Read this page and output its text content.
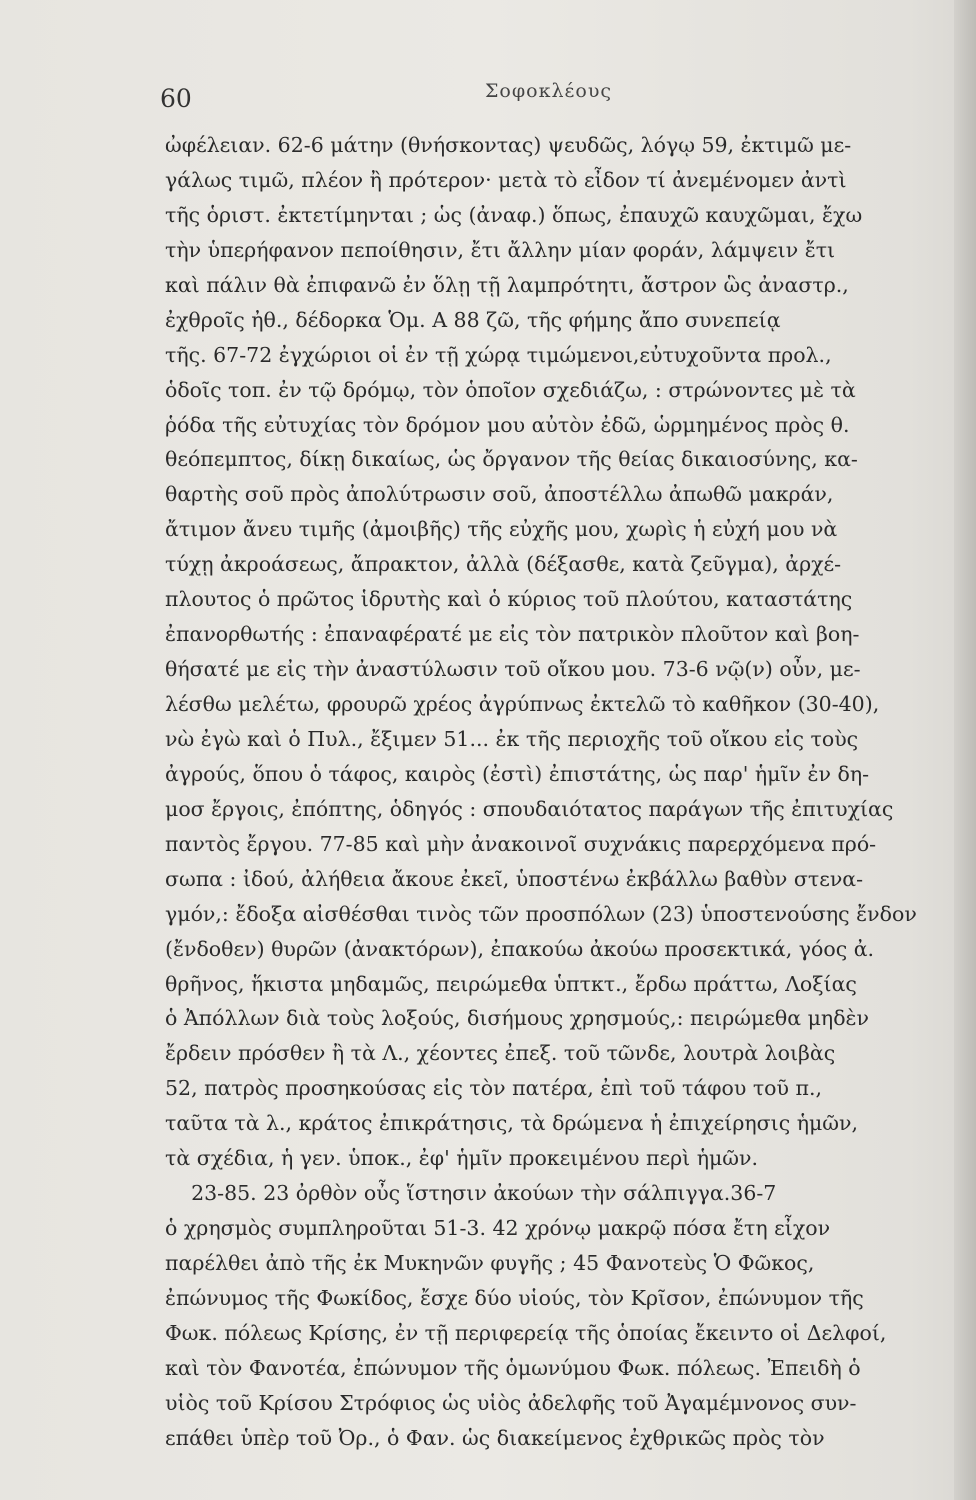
60	Σοφοκλέους
ὠφέλειαν. 62-6 μάτην (θνήσκοντας) ψευδῶς, λόγῳ 59, ἐκτιμῶ με-
γάλως τιμῶ, πλέον ἢ πρότερον· μετὰ τὸ εἶδον τί ἀνεμένομεν ἀντὶ
τῆς ὁριστ. ἐκτετίμηνται ; ὡς (ἀναφ.) ὅπως, ἐπαυχῶ καυχῶμαι, ἔχω
τὴν ὑπερήφανον πεποίθησιν, ἔτι ἄλλην μίαν φοράν, λάμψειν ἔτι
καὶ πάλιν θὰ ἐπιφανῶ ἐν ὅλῃ τῇ λαμπρότητι, ἄστρον ὣς ἀναστρ.,
ἐχθροῖς ἠθ., δέδορκα Ὁμ. Α 88 ζῶ, τῆς φήμης ἄπο συνεπείᾳ
τῆς. 67-72 ἐγχώριοι οἱ ἐν τῇ χώρᾳ τιμώμενοι,εὐτυχοῦντα προλ.,
ὁδοῖς τοπ. ἐν τῷ δρόμῳ, τὸν ὁποῖον σχεδιάζω, : στρώνοντες μὲ τὰ
ῥόδα τῆς εὐτυχίας τὸν δρόμον μου αὐτὸν ἐδῶ, ὡρμημένος πρὸς θ.
θεόπεμπτος, δίκῃ δικαίως, ὡς ὄργανον τῆς θείας δικαιοσύνης, κα-
θαρτὴς σοῦ πρὸς ἀπολύτρωσιν σοῦ, ἀποστέλλω ἀπωθῶ μακράν,
ἄτιμον ἄνευ τιμῆς (ἀμοιβῆς) τῆς εὐχῆς μου, χωρὶς ἡ εὐχή μου νὰ
τύχῃ ἀκροάσεως, ἄπρακτον, ἀλλὰ (δέξασθε, κατὰ ζεῦγμα), ἀρχέ-
πλουτος ὁ πρῶτος ἱδρυτὴς καὶ ὁ κύριος τοῦ πλούτου, καταστάτης
ἐπανορθωτής : ἐπαναφέρατέ με εἰς τὸν πατρικὸν πλοῦτον καὶ βοη-
θήσατέ με εἰς τὴν ἀναστύλωσιν τοῦ οἴκου μου. 73-6 νῷ(ν) οὖν, με-
λέσθω μελέτω, φρουρῶ χρέος ἀγρύπνως ἐκτελῶ τὸ καθῆκον (30-40),
νὼ ἐγὼ καὶ ὁ Πυλ., ἔξιμεν 51... ἐκ τῆς περιοχῆς τοῦ οἴκου εἰς τοὺς
ἀγρούς, ὅπου ὁ τάφος, καιρὸς (ἐστὶ) ἐπιστάτης, ὡς παρ' ἡμῖν ἐν δη-
μοσ ἔργοις, ἐπόπτης, ὁδηγός : σπουδαιότατος παράγων τῆς ἐπιτυχίας
παντὸς ἔργου. 77-85 καὶ μὴν ἀνακοινοῖ συχνάκις παρερχόμενα πρό-
σωπα : ἰδού, ἀλήθεια ἄκουε ἐκεῖ, ὑποστένω ἐκβάλλω βαθὺν στενα-
γμόν,: ἔδοξα αἰσθέσθαι τινὸς τῶν προσπόλων (23) ὑποστενούσης ἔνδον
(ἔνδοθεν) θυρῶν (ἀνακτόρων), ἐπακούω ἀκούω προσεκτικά, γόος ἀ.
θρῆνος, ἥκιστα μηδαμῶς, πειρώμεθα ὑπτκτ., ἔρδω πράττω, Λοξίας
ὁ Ἀπόλλων διὰ τοὺς λοξούς, δισήμους χρησμούς,: πειρώμεθα μηδὲν
ἔρδειν πρόσθεν ἢ τὰ Λ., χέοντες ἐπεξ. τοῦ τῶνδε, λουτρὰ λοιβὰς
52, πατρὸς προσηκούσας εἰς τὸν πατέρα, ἐπὶ τοῦ τάφου τοῦ π.,
ταῦτα τὰ λ., κράτος ἐπικράτησις, τὰ δρώμενα ἡ ἐπιχείρησις ἡμῶν,
τὰ σχέδια, ἡ γεν. ὑποκ., ἐφ' ἡμῖν προκειμένου περὶ ἡμῶν.
23-85. 23 ὀρθὸν οὖς ἵστησιν ἀκούων τὴν σάλπιγγα.36-7
ὁ χρησμὸς συμπληροῦται 51-3. 42 χρόνῳ μακρῷ πόσα ἔτη εἶχον
παρέλθει ἀπὸ τῆς ἐκ Μυκηνῶν φυγῆς ; 45 Φανοτεὺς Ὁ Φῶκος,
ἐπώνυμος τῆς Φωκίδος, ἔσχε δύο υἱούς, τὸν Κρῖσον, ἐπώνυμον τῆς
Φωκ. πόλεως Κρίσης, ἐν τῇ περιφερείᾳ τῆς ὁποίας ἔκειντο οἱ Δελφοί,
καὶ τὸν Φανοτέα, ἐπώνυμον τῆς ὁμωνύμου Φωκ. πόλεως. Ἐπειδὴ ὁ
υἱὸς τοῦ Κρίσου Στρόφιος ὡς υἱὸς ἀδελφῆς τοῦ Ἀγαμέμνονος συν-
επάθει ὑπὲρ τοῦ Ὀρ., ὁ Φαν. ὡς διακείμενος ἐχθρικῶς πρὸς τὸν
